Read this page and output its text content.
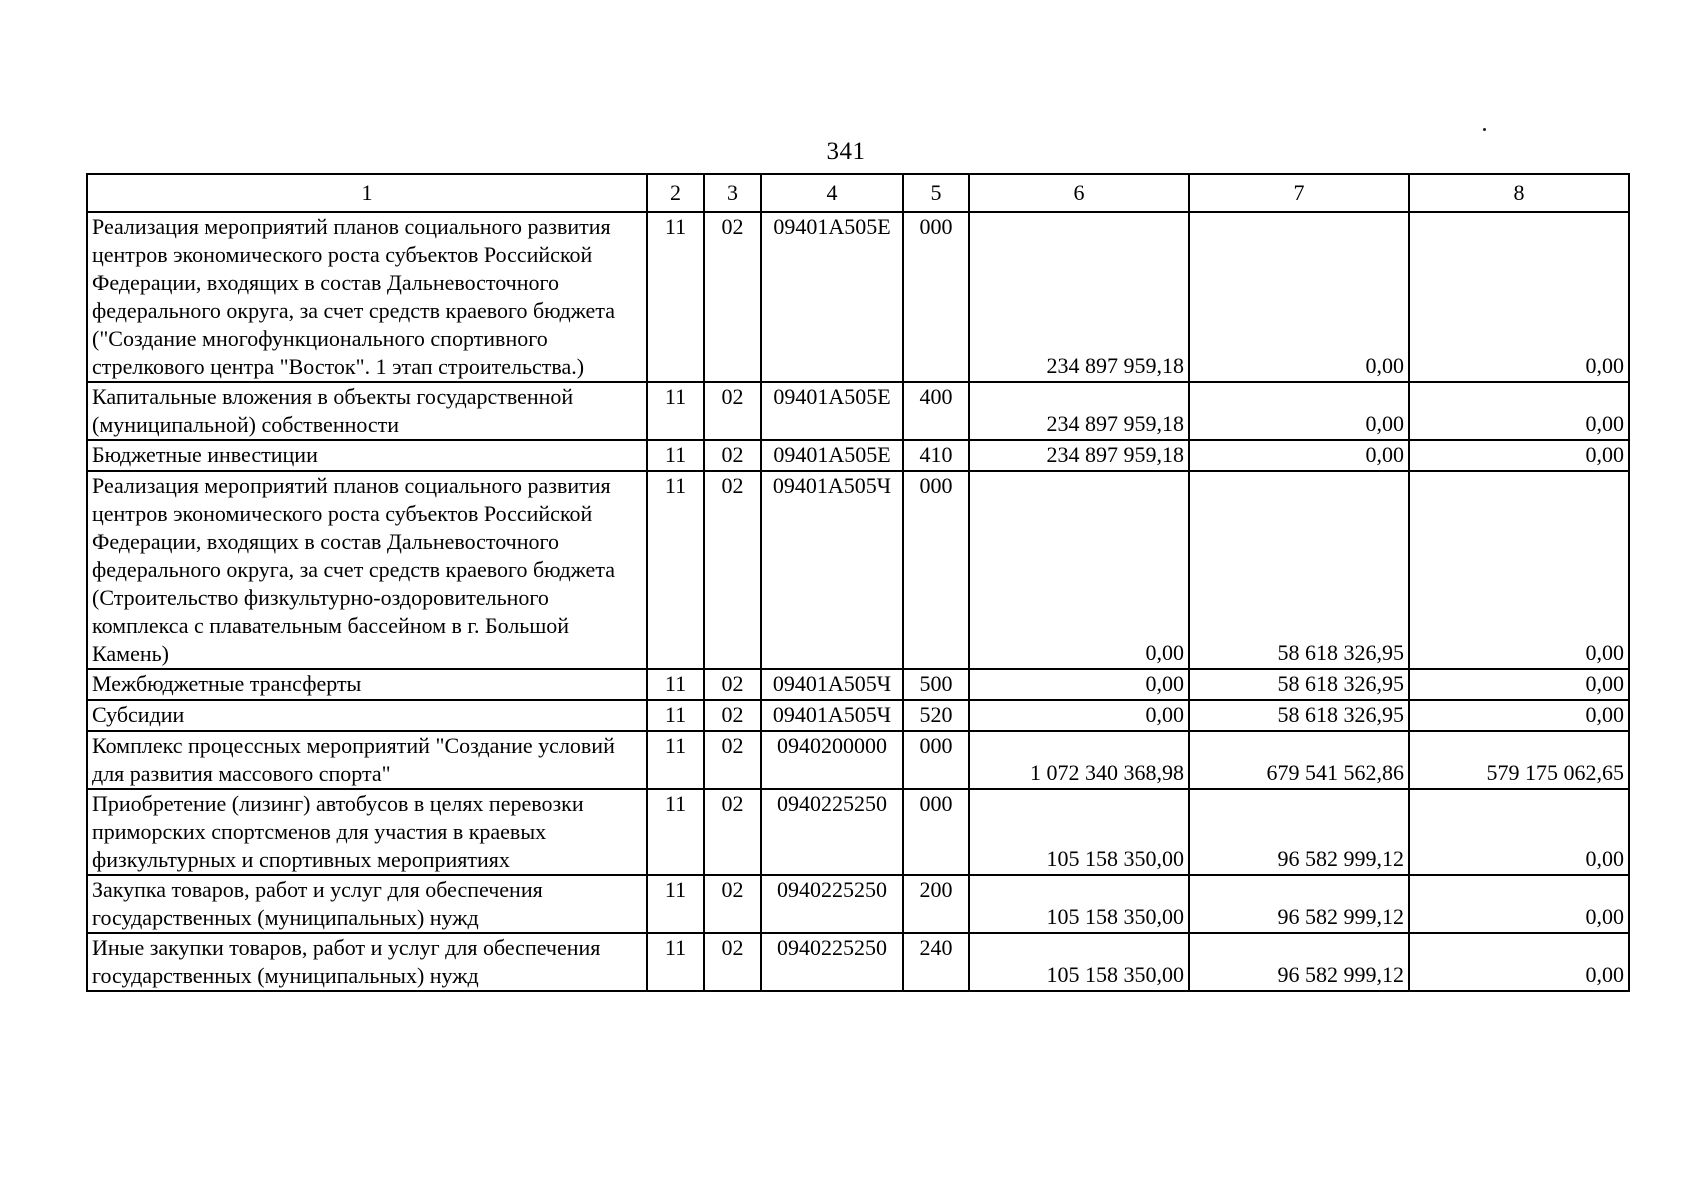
341
1	2	3	4	5	6	7	8
Реализация мероприятий планов социального развития центров экономического роста субъектов Российской Федерации, входящих в состав Дальневосточного федерального округа, за счет средств краевого бюджета ("Создание многофункционального спортивного стрелкового центра "Восток". 1 этап строительства.)	11	02	09401A505E	000	234 897 959,18	0,00	0,00
Капитальные вложения в объекты государственной (муниципальной) собственности	11	02	09401A505E	400	234 897 959,18	0,00	0,00
Бюджетные инвестиции	11	02	09401A505E	410	234 897 959,18	0,00	0,00
Реализация мероприятий планов социального развития центров экономического роста субъектов Российской Федерации, входящих в состав Дальневосточного федерального округа, за счет средств краевого бюджета (Строительство физкультурно-оздоровительного комплекса с плавательным бассейном в г. Большой Камень)	11	02	09401A505Ч	000	0,00	58 618 326,95	0,00
Межбюджетные трансферты	11	02	09401A505Ч	500	0,00	58 618 326,95	0,00
Субсидии	11	02	09401A505Ч	520	0,00	58 618 326,95	0,00
Комплекс процессных мероприятий "Создание условий для развития массового спорта"	11	02	0940200000	000	1 072 340 368,98	679 541 562,86	579 175 062,65
Приобретение (лизинг) автобусов в целях перевозки приморских спортсменов для участия в краевых физкультурных и спортивных мероприятиях	11	02	0940225250	000	105 158 350,00	96 582 999,12	0,00
Закупка товаров, работ и услуг для обеспечения государственных (муниципальных) нужд	11	02	0940225250	200	105 158 350,00	96 582 999,12	0,00
Иные закупки товаров, работ и услуг для обеспечения государственных (муниципальных) нужд	11	02	0940225250	240	105 158 350,00	96 582 999,12	0,00
